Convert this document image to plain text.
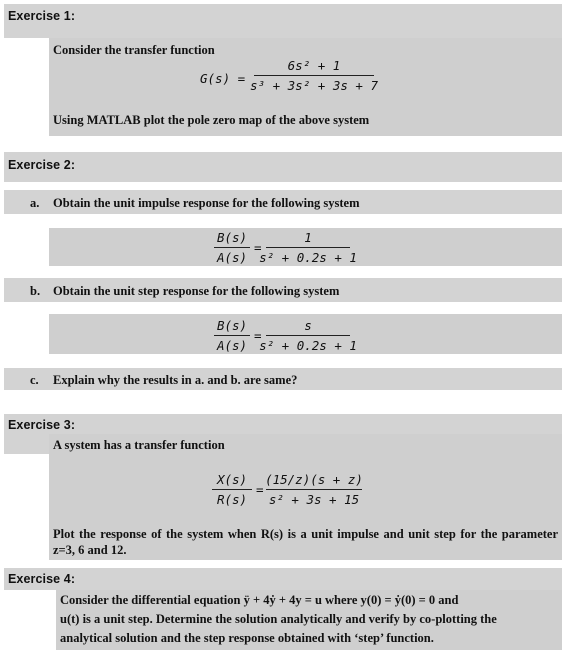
Exercise 1:
Consider the transfer function
G(s) =
6s² + 1
s³ + 3s² + 3s + 7
Using MATLAB plot the pole zero map of the above system
Exercise 2:
a. Obtain the unit impulse response for the following system
B(s)
A(s)
=
1
s² + 0.2s + 1
b. Obtain the unit step response for the following system
B(s)
A(s)
=
s
s² + 0.2s + 1
c. Explain why the results in a. and b. are same?
Exercise 3:
A system has a transfer function
X(s)
R(s)
=
(15/z)(s + z)
s² + 3s + 15
Plot the response of the system when R(s) is a unit impulse and unit step for the parameter z=3, 6 and 12.
Exercise 4:
Consider the differential equation ÿ + 4ẏ + 4y = u where y(0) = ẏ(0) = 0 and
u(t) is a unit step. Determine the solution analytically and verify by co-plotting the
analytical solution and the step response obtained with ‘step’ function.
